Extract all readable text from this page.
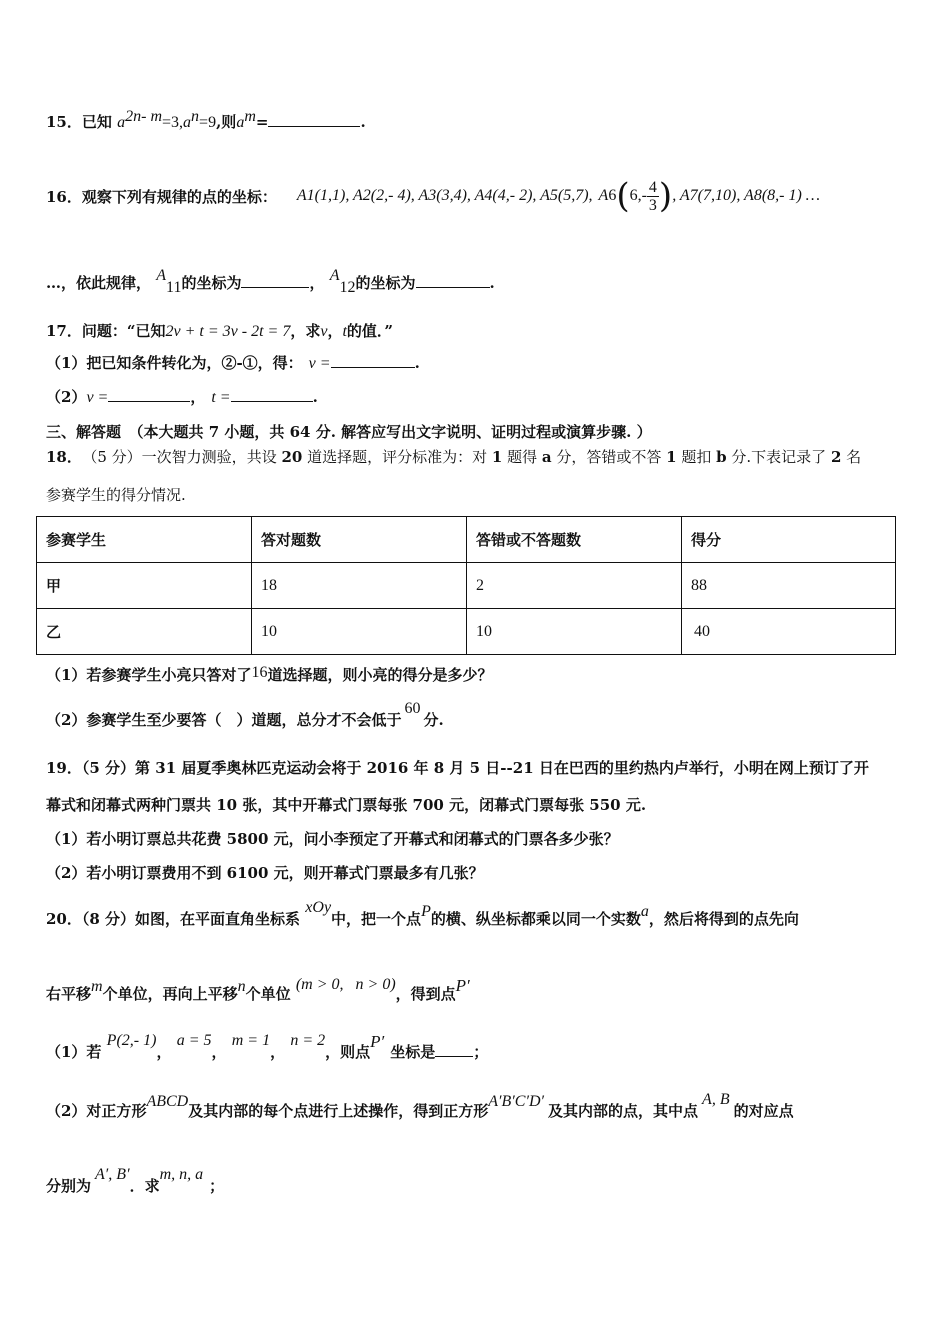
15．已知 $a^{2n- m}=3,a^n=9$,则$a^m=$	.
16． 观察下列有规律的点的坐标： A1(1,1), A2(2,- 4), A3(3,4), A4(4,- 2), A5(5,7), A 6 ( $6,- \frac{4}{3}$ ) , A7(7,10), A8(8,- 1) …
…，依此规律， $A_{11}$的坐标为	， $A_{12}$的坐标为	.
17．问题：“已知2v + t = 3v - 2t = 7，求v，t的值．”
（1）把已知条件转化为，②-①，得： v =	.
（2）v =	， t =	.
三、解答题　（本大题共 7 小题，共 64 分. 解答应写出文字说明、证明过程或演算步骤. ）
18． （5 分）一次智力测验，共设 20 道选择题，评分标准为：对 1 题得 a 分，答错或不答 1 题扣 b 分.下表记录了 2 名
参赛学生的得分情况.
参赛学生	答对题数	答错或不答题数	得分
甲	18	2	88
乙	10	10	40
（1）若参赛学生小亮只答对了16道选择题，则小亮的得分是多少？
（2）参赛学生至少要答（　）道题，总分才不会低于60分.
19．（5 分）第 31 届夏季奥林匹克运动会将于 2016 年 8 月 5 日--21 日在巴西的里约热内卢举行，小明在网上预订了开
幕式和闭幕式两种门票共 10 张，其中开幕式门票每张 700 元，闭幕式门票每张 550 元.
（1）若小明订票总共花费 5800 元，问小李预定了开幕式和闭幕式的门票各多少张？
（2）若小明订票费用不到 6100 元，则开幕式门票最多有几张？
20．（8 分）如图，在平面直角坐标系 xOy中，把一个点P的横、纵坐标都乘以同一个实数a，然后将得到的点先向
右平移m个单位，再向上平移n个单位 (m > 0,   n > 0)，得到点P′
（1）若 P(2,- 1)， a = 5， m = 1， n = 2，则点P′坐标是	；
（2）对正方形ABCD及其内部的每个点进行上述操作，得到正方形A′B′C′D′及其内部的点，其中点A, B的对应点
分别为A′, B′．求m, n, a；
